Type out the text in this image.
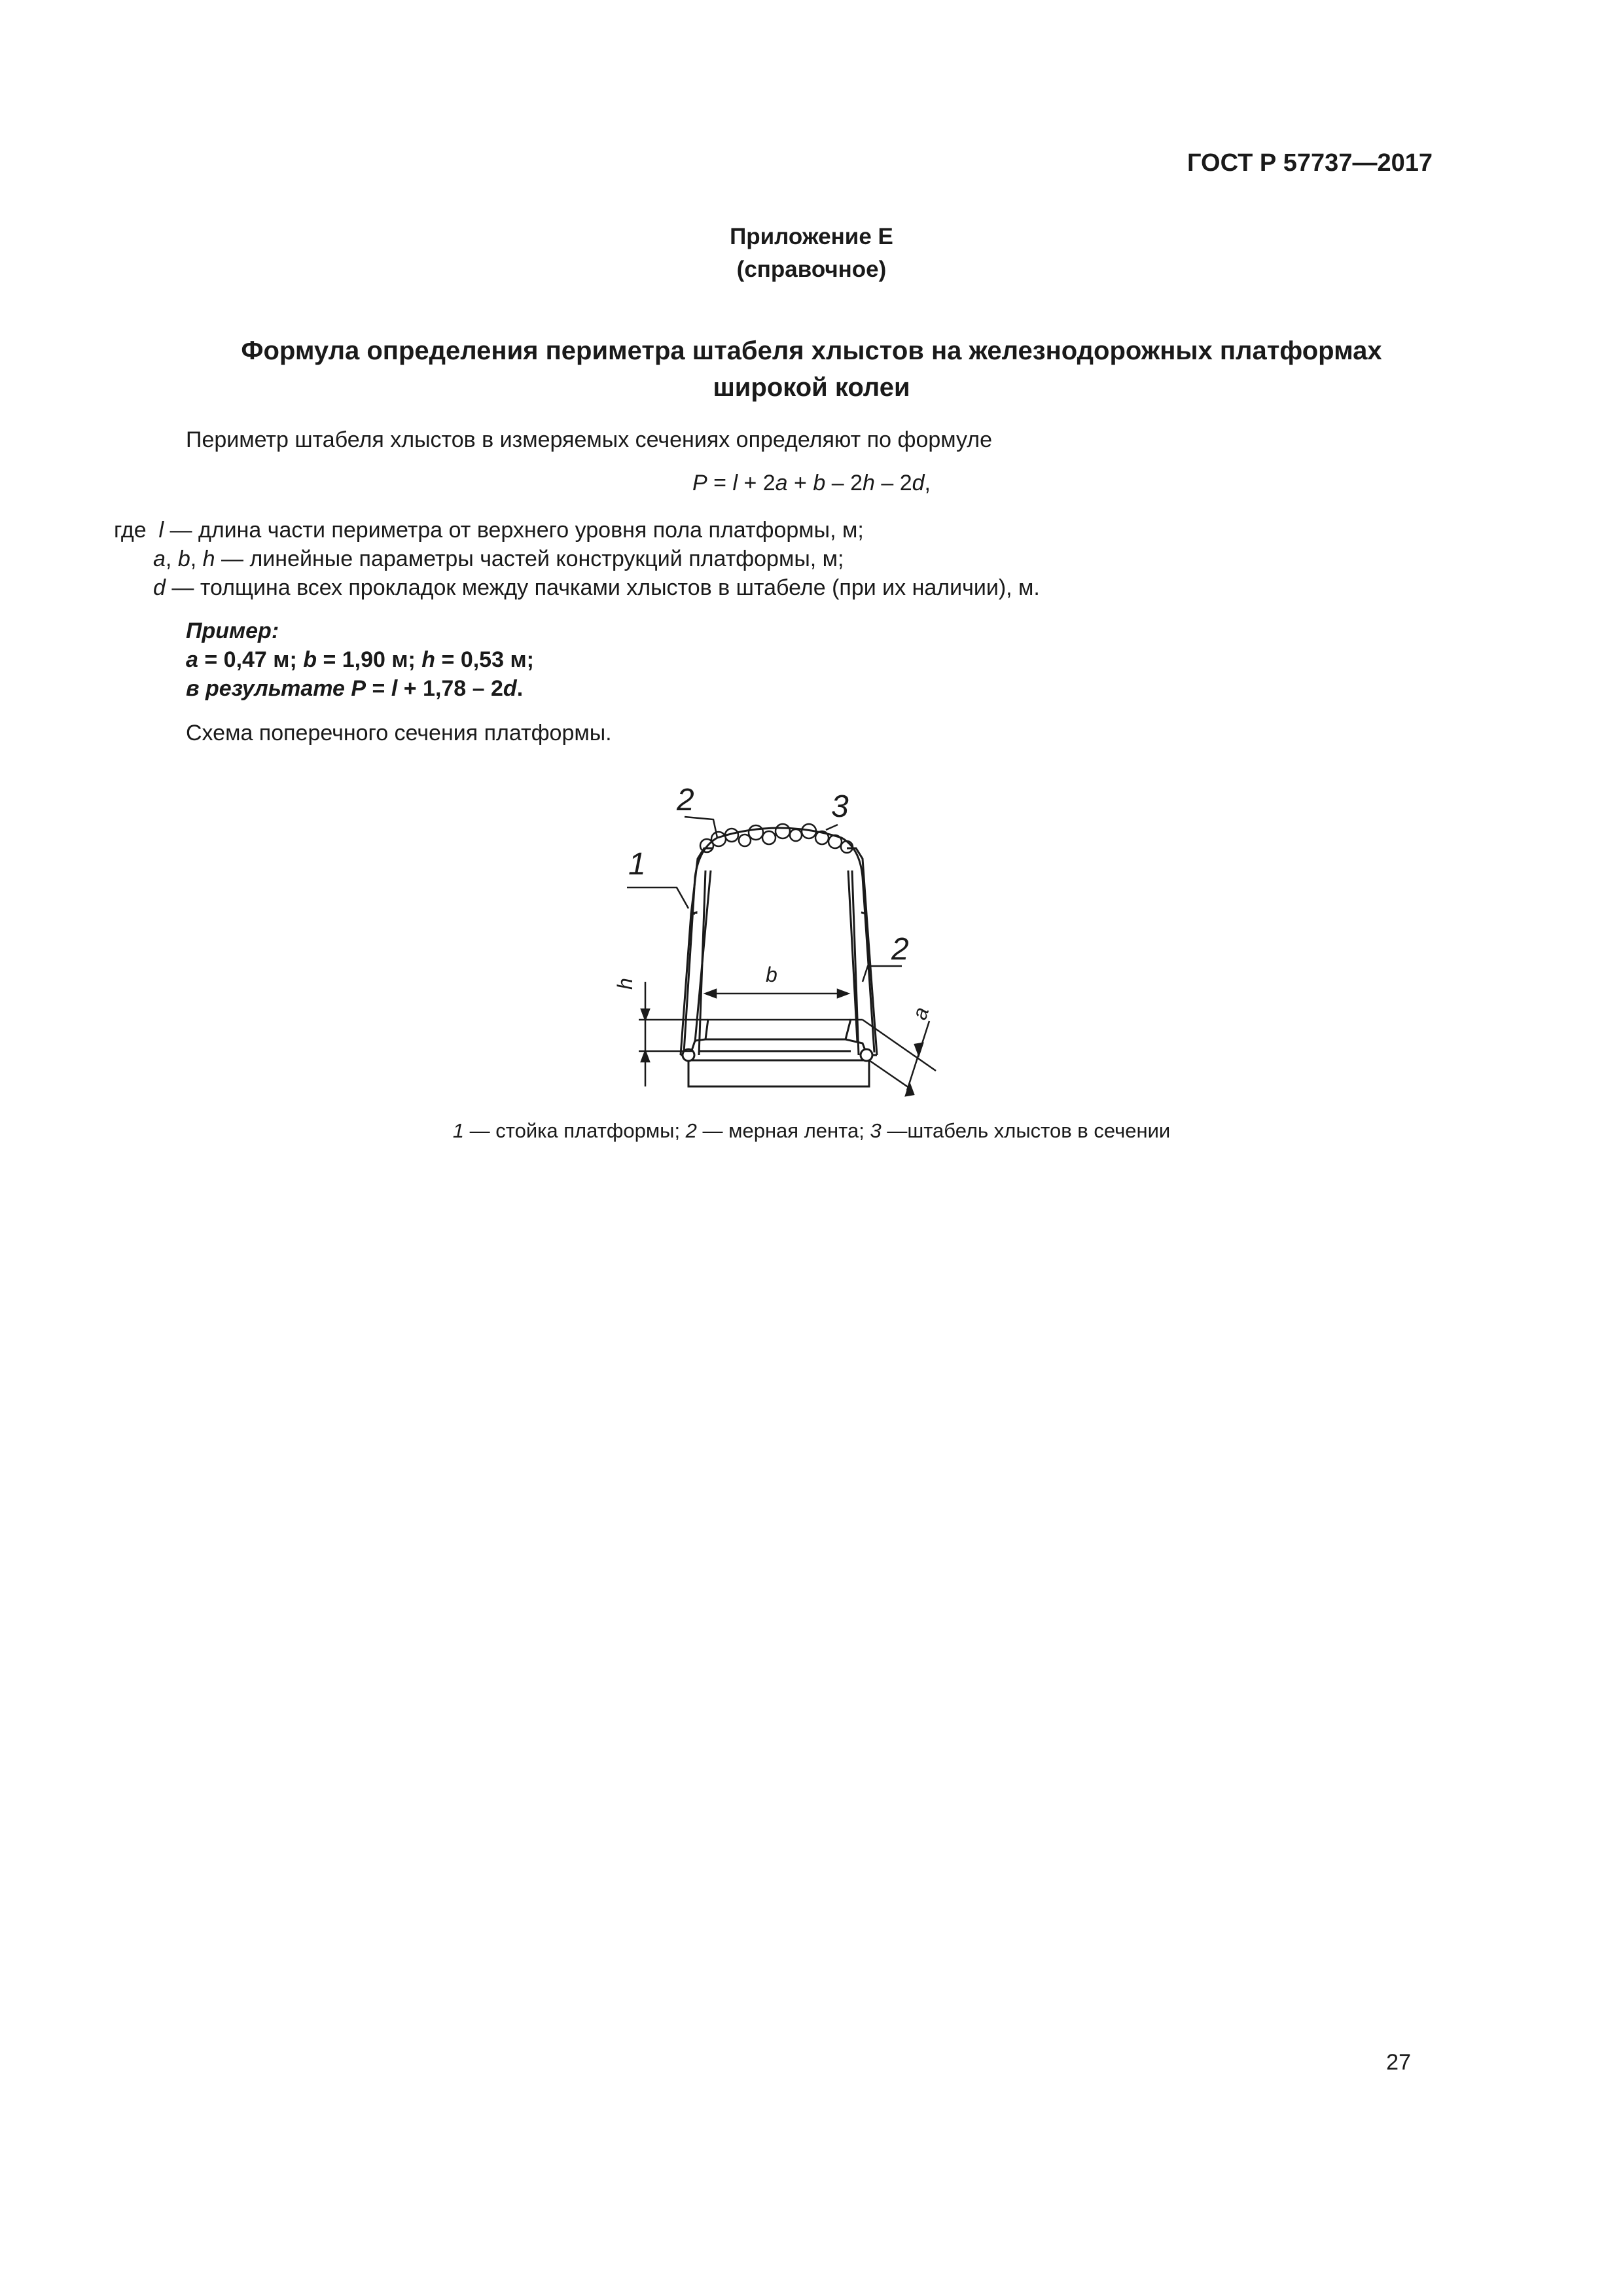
ГОСТ Р 57737—2017
Приложение Е
(справочное)
Формула определения периметра штабеля хлыстов на железнодорожных платформах широкой колеи
Периметр штабеля хлыстов в измеряемых сечениях определяют по формуле
P = l + 2a + b – 2h – 2d,
где l — длина части периметра от верхнего уровня пола платформы, м;
a, b, h — линейные параметры частей конструкций платформы, м;
d — толщина всех прокладок между пачками хлыстов в штабеле (при их наличии), м.
Пример:
a = 0,47 м; b = 1,90 м; h = 0,53 м;
в результате P = l + 1,78 – 2d.
Схема поперечного сечения платформы.
1
2	3
2
b
h
a
1 — стойка платформы; 2 — мерная лента; 3 —штабель хлыстов в сечении
27
